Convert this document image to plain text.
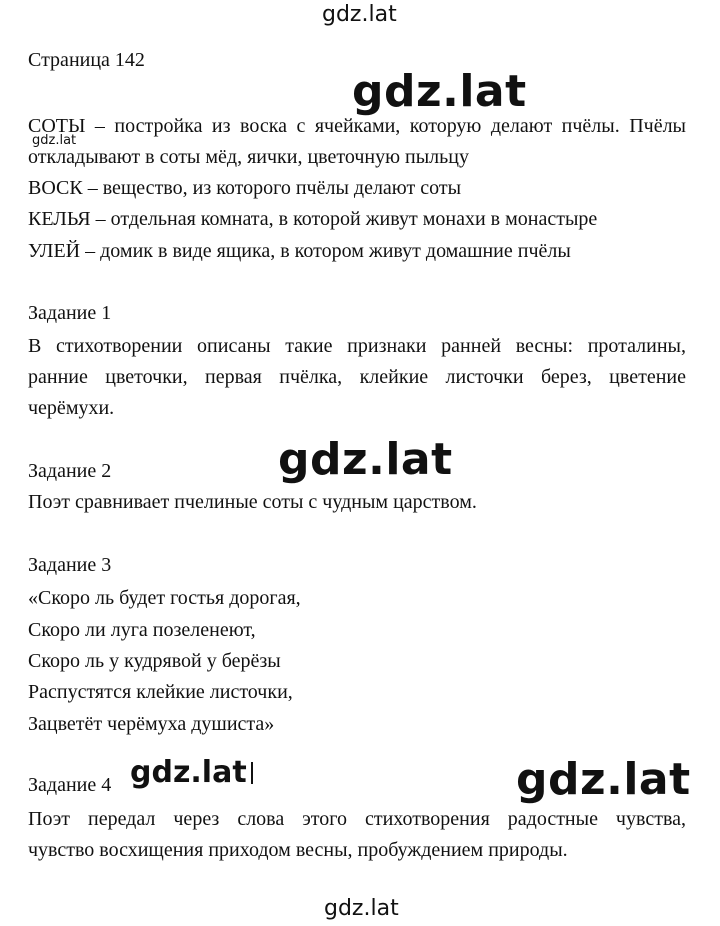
gdz.lat
gdz.lat
gdz.lat
gdz.lat
gdz.lat
gdz.lat
gdz.lat
Страница 142
СОТЫ – постройка из воска с ячейками, которую делают пчёлы. Пчёлы
откладывают в соты мёд, яички, цветочную пыльцу
ВОСК – вещество, из которого пчёлы делают соты
КЕЛЬЯ – отдельная комната, в которой живут монахи в монастыре
УЛЕЙ – домик в виде ящика, в котором живут домашние пчёлы
Задание 1
В стихотворении описаны такие признаки ранней весны: проталины,
ранние цветочки, первая пчёлка, клейкие листочки берез, цветение
черёмухи.
Задание 2
Поэт сравнивает пчелиные соты с чудным царством.
Задание 3
«Скоро ль будет гостья дорогая,
Скоро ли луга позеленеют,
Скоро ль у кудрявой у берёзы
Распустятся клейкие листочки,
Зацветёт черёмуха душиста»
Задание 4
Поэт передал через слова этого стихотворения радостные чувства,
чувство восхищения приходом весны, пробуждением природы.
